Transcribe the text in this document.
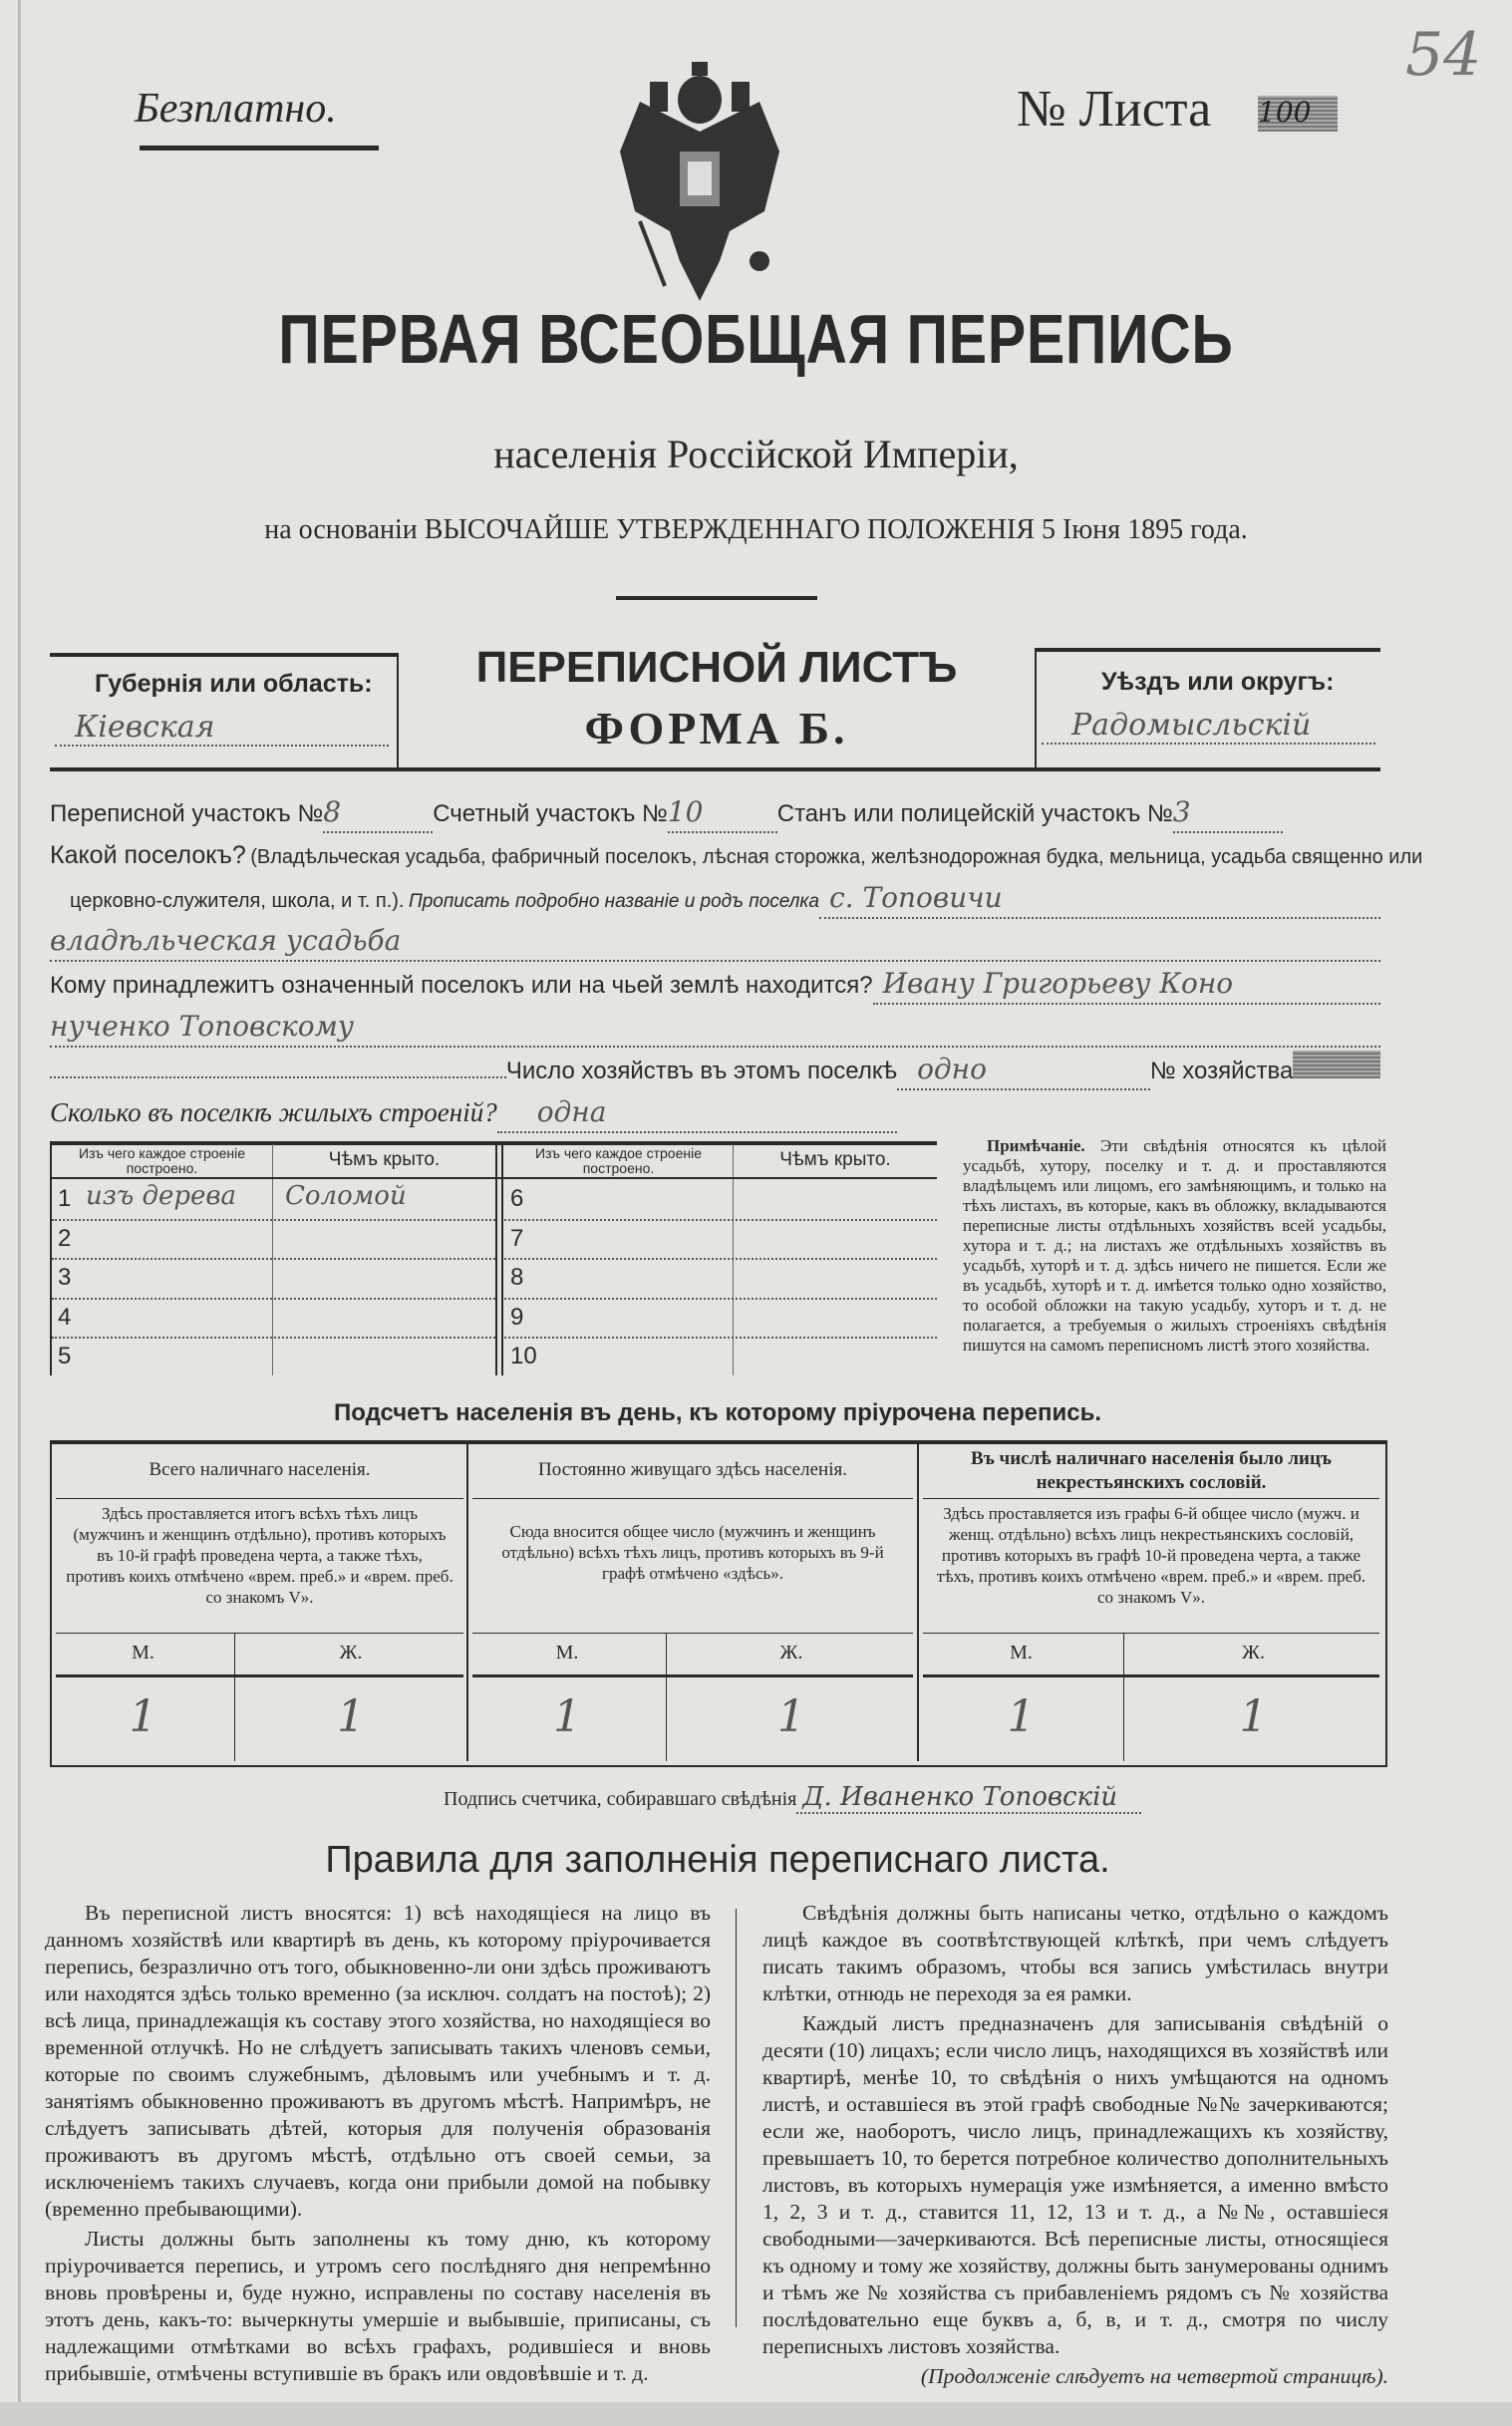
Безплатно.	№ Листа 100
54
ПЕРВАЯ ВСЕОБЩАЯ ПЕРЕПИСЬ
населенія Россійской Имперіи,
на основаніи ВЫСОЧАЙШЕ УТВЕРЖДЕННАГО ПОЛОЖЕНІЯ 5 Іюня 1895 года.
Губернія или область:
Кіевская
ПЕРЕПИСНОЙ ЛИСТЪ
ФОРМА Б.
Уѣздъ или округъ:
Радомысльскій
Переписной участокъ № 8	Счетный участокъ № 10	Станъ или полицейскій участокъ № 3
Какой поселокъ?
(Владѣльческая усадьба, фабричный поселокъ, лѣсная сторожка, желѣзнодорожная будка, мельница, усадьба священно или
церковно-служителя, школа, и т. п.).
Прописать подробно названіе и родъ поселка с. Топовичи
владѣльческая усадьба
Кому принадлежитъ означенный поселокъ или на чьей землѣ находится? Ивану Григорьеву Коно
нученко Топовскому
Число хозяйствъ въ этомъ поселкѣ одно	№ хозяйства
Сколько въ поселкѣ жилыхъ строеній?	одна
1 изъ дерева Соломой
2
3
4
5
6
7
8
9
10
Изъ чего каждое строеніе построено.	Чѣмъ крыто.	Изъ чего каждое строеніе построено.	Чѣмъ крыто.
Примѣчаніе. Эти свѣдѣнія относятся къ цѣлой усадьбѣ, хутору, поселку и т. д. и проставляются владѣльцемъ или лицомъ, его замѣняющимъ, и только на тѣхъ листахъ, въ которые, какъ въ обложку, вкладываются переписные листы отдѣльныхъ хозяйствъ всей усадьбы, хутора и т. д.; на листахъ же отдѣльныхъ хозяйствъ въ усадьбѣ, хуторѣ и т. д. здѣсь ничего не пишется. Если же въ усадьбѣ, хуторѣ и т. д. имѣется только одно хозяйство, то особой обложки на такую усадьбу, хуторъ и т. д. не полагается, а требуемыя о жилыхъ строеніяхъ свѣдѣнія пишутся на самомъ переписномъ листѣ этого хозяйства.
Подсчетъ населенія въ день, къ которому пріурочена перепись.
Всего наличнаго населенія.
Здѣсь проставляется итогъ всѣхъ тѣхъ лицъ (мужчинъ и женщинъ отдѣльно), противъ которыхъ въ 10-й графѣ проведена черта, а также тѣхъ, противъ коихъ отмѣчено «врем. преб.» и «врем. преб. со знакомъ V».
М.	Ж.
1	1
Постоянно живущаго здѣсь населенія.
Сюда вносится общее число (мужчинъ и женщинъ отдѣльно) всѣхъ тѣхъ лицъ, противъ которыхъ въ 9-й графѣ отмѣчено «здѣсь».
М.	Ж.
1	1
Въ числѣ наличнаго населенія было лицъ некрестьянскихъ сословій.
Здѣсь проставляется изъ графы 6-й общее число (мужч. и женщ. отдѣльно) всѣхъ лицъ некрестьянскихъ сословій, противъ которыхъ въ графѣ 10-й проведена черта, а также тѣхъ, противъ коихъ отмѣчено «врем. преб.» и «врем. преб. со знакомъ V».
М.	Ж.
1	1
Подпись счетчика, собиравшаго свѣдѣнія Д. Иваненко Топовскій
Правила для заполненія переписнаго листа.

Въ переписной листъ вносятся: 1) всѣ находящіеся на лицо въ данномъ хозяйствѣ или квартирѣ въ день, къ которому пріурочивается перепись, безразлично отъ того, обыкновенно-ли они здѣсь проживаютъ или находятся здѣсь только временно (за исключ. солдатъ на постоѣ); 2) всѣ лица, принадлежащія къ составу этого хозяйства, но находящіеся во временной отлучкѣ. Но не слѣдуетъ записывать такихъ членовъ семьи, которые по своимъ служебнымъ, дѣловымъ или учебнымъ и т. д. занятіямъ обыкновенно проживаютъ въ другомъ мѣстѣ. Напримѣръ, не слѣдуетъ записывать дѣтей, которыя для полученія образованія проживаютъ въ другомъ мѣстѣ, отдѣльно отъ своей семьи, за исключеніемъ такихъ случаевъ, когда они прибыли домой на побывку (временно пребывающими).

Листы должны быть заполнены къ тому дню, къ которому пріурочивается перепись, и утромъ сего послѣдняго дня непремѣнно вновь провѣрены и, буде нужно, исправлены по составу населенія въ этотъ день, какъ-то: вычеркнуты умершіе и выбывшіе, приписаны, съ надлежащими отмѣтками во всѣхъ графахъ, родившіеся и вновь прибывшіе, отмѣчены вступившіе въ бракъ или овдовѣвшіе и т. д.

Свѣдѣнія должны быть написаны четко, отдѣльно о каждомъ лицѣ каждое въ соотвѣтствующей клѣткѣ, при чемъ слѣдуетъ писать такимъ образомъ, чтобы вся запись умѣстилась внутри клѣтки, отнюдь не переходя за ея рамки.

Каждый листъ предназначенъ для записыванія свѣдѣній о десяти (10) лицахъ; если число лицъ, находящихся въ хозяйствѣ или квартирѣ, менѣе 10, то свѣдѣнія о нихъ умѣщаются на одномъ листѣ, и оставшіеся въ этой графѣ свободные №№ зачеркиваются; если же, наоборотъ, число лицъ, принадлежащихъ къ хозяйству, превышаетъ 10, то берется потребное количество дополнительныхъ листовъ, въ которыхъ нумерація уже измѣняется, а именно вмѣсто 1, 2, 3 и т. д., ставится 11, 12, 13 и т. д., а №№, оставшіеся свободными—зачеркиваются. Всѣ переписные листы, относящіеся къ одному и тому же хозяйству, должны быть занумерованы однимъ и тѣмъ же № хозяйства съ прибавленіемъ рядомъ съ № хозяйства послѣдовательно еще буквъ а, б, в, и т. д., смотря по числу переписныхъ листовъ хозяйства.

(Продолженіе слѣдуетъ на четвертой страницѣ).
